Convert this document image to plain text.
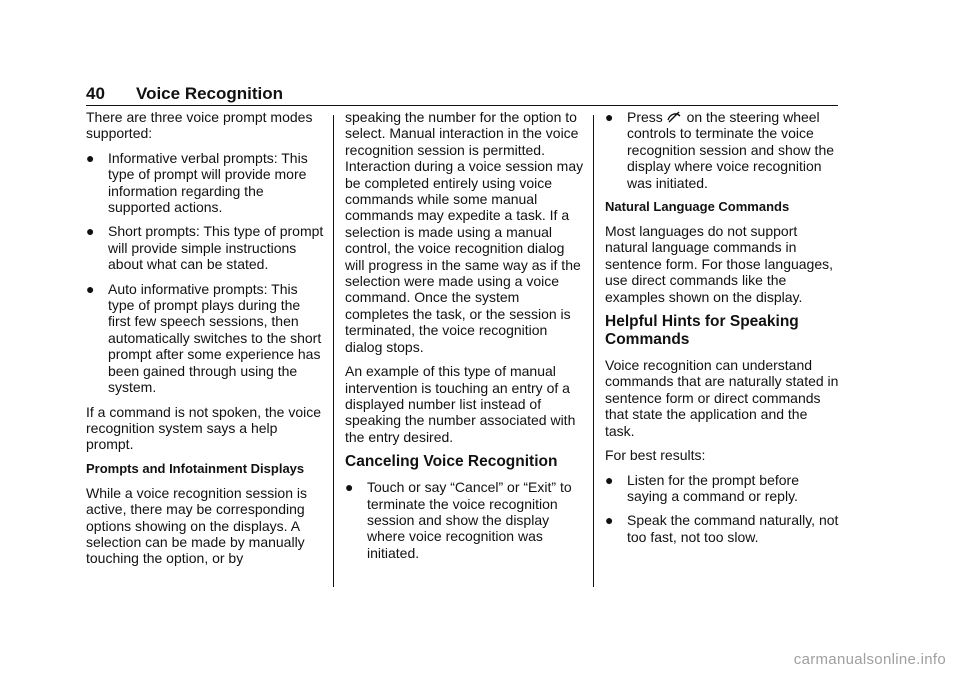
40 Voice Recognition

There are three voice prompt modes supported:

● Informative verbal prompts: This type of prompt will provide more information regarding the supported actions.
● Short prompts: This type of prompt will provide simple instructions about what can be stated.
● Auto informative prompts: This type of prompt plays during the first few speech sessions, then automatically switches to the short prompt after some experience has been gained through using the system.

If a command is not spoken, the voice recognition system says a help prompt.

Prompts and Infotainment Displays

While a voice recognition session is active, there may be corresponding options showing on the displays. A selection can be made by manually touching the option, or by

speaking the number for the option to select. Manual interaction in the voice recognition session is permitted. Interaction during a voice session may be completed entirely using voice commands while some manual commands may expedite a task. If a selection is made using a manual control, the voice recognition dialog will progress in the same way as if the selection were made using a voice command. Once the system completes the task, or the session is terminated, the voice recognition dialog stops.

An example of this type of manual intervention is touching an entry of a displayed number list instead of speaking the number associated with the entry desired.

Canceling Voice Recognition
● Touch or say “Cancel” or “Exit” to terminate the voice recognition session and show the display where voice recognition was initiated.
● Press on the steering wheel controls to terminate the voice recognition session and show the display where voice recognition was initiated.
Natural Language Commands

Most languages do not support natural language commands in sentence form. For those languages, use direct commands like the examples shown on the display.

Helpful Hints for Speaking Commands

Voice recognition can understand commands that are naturally stated in sentence form or direct commands that state the application and the task.

For best results:

● Listen for the prompt before saying a command or reply.
● Speak the command naturally, not too fast, not too slow.
carmanualsonline.info
